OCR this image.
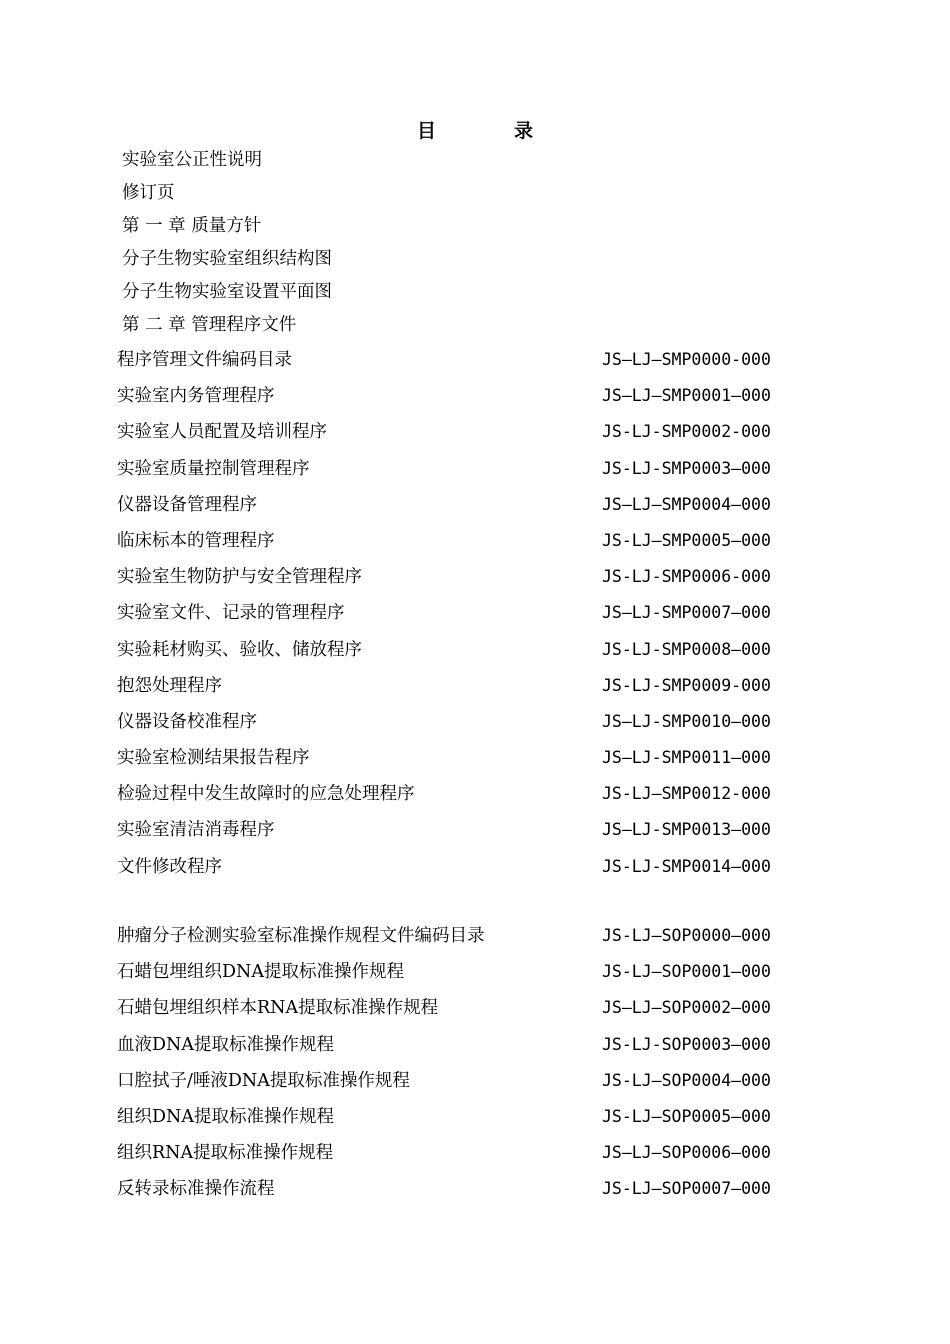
目	录
实验室公正性说明
修订页
第 一 章 质量方针
分子生物实验室组织结构图
分子生物实验室设置平面图
第 二 章 管理程序文件
程序管理文件编码目录	JS—LJ—SMP0000-000
实验室内务管理程序	JS—LJ—SMP0001—000
实验室人员配置及培训程序	JS-LJ-SMP0002-000
实验室质量控制管理程序	JS-LJ-SMP0003—000
仪器设备管理程序	JS—LJ—SMP0004—000
临床标本的管理程序	JS-LJ—SMP0005—000
实验室生物防护与安全管理程序	JS-LJ-SMP0006-000
实验室文件、记录的管理程序	JS—LJ-SMP0007—000
实验耗材购买、验收、储放程序	JS-LJ-SMP0008—000
抱怨处理程序	JS-LJ-SMP0009-000
仪器设备校准程序	JS—LJ-SMP0010—000
实验室检测结果报告程序	JS—LJ-SMP0011—000
检验过程中发生故障时的应急处理程序	JS-LJ—SMP0012-000
实验室清洁消毒程序	JS—LJ-SMP0013—000
文件修改程序	JS-LJ-SMP0014—000
肿瘤分子检测实验室标准操作规程文件编码目录	JS-LJ—SOP0000—000
石蜡包埋组织DNA提取标准操作规程	JS-LJ—SOP0001—000
石蜡包埋组织样本RNA提取标准操作规程	JS—LJ—SOP0002—000
血液DNA提取标准操作规程	JS-LJ-SOP0003—000
口腔拭子/唾液DNA提取标准操作规程	JS-LJ—SOP0004—000
组织DNA提取标准操作规程	JS-LJ—SOP0005—000
组织RNA提取标准操作规程	JS—LJ—SOP0006—000
反转录标准操作流程	JS-LJ—SOP0007—000
